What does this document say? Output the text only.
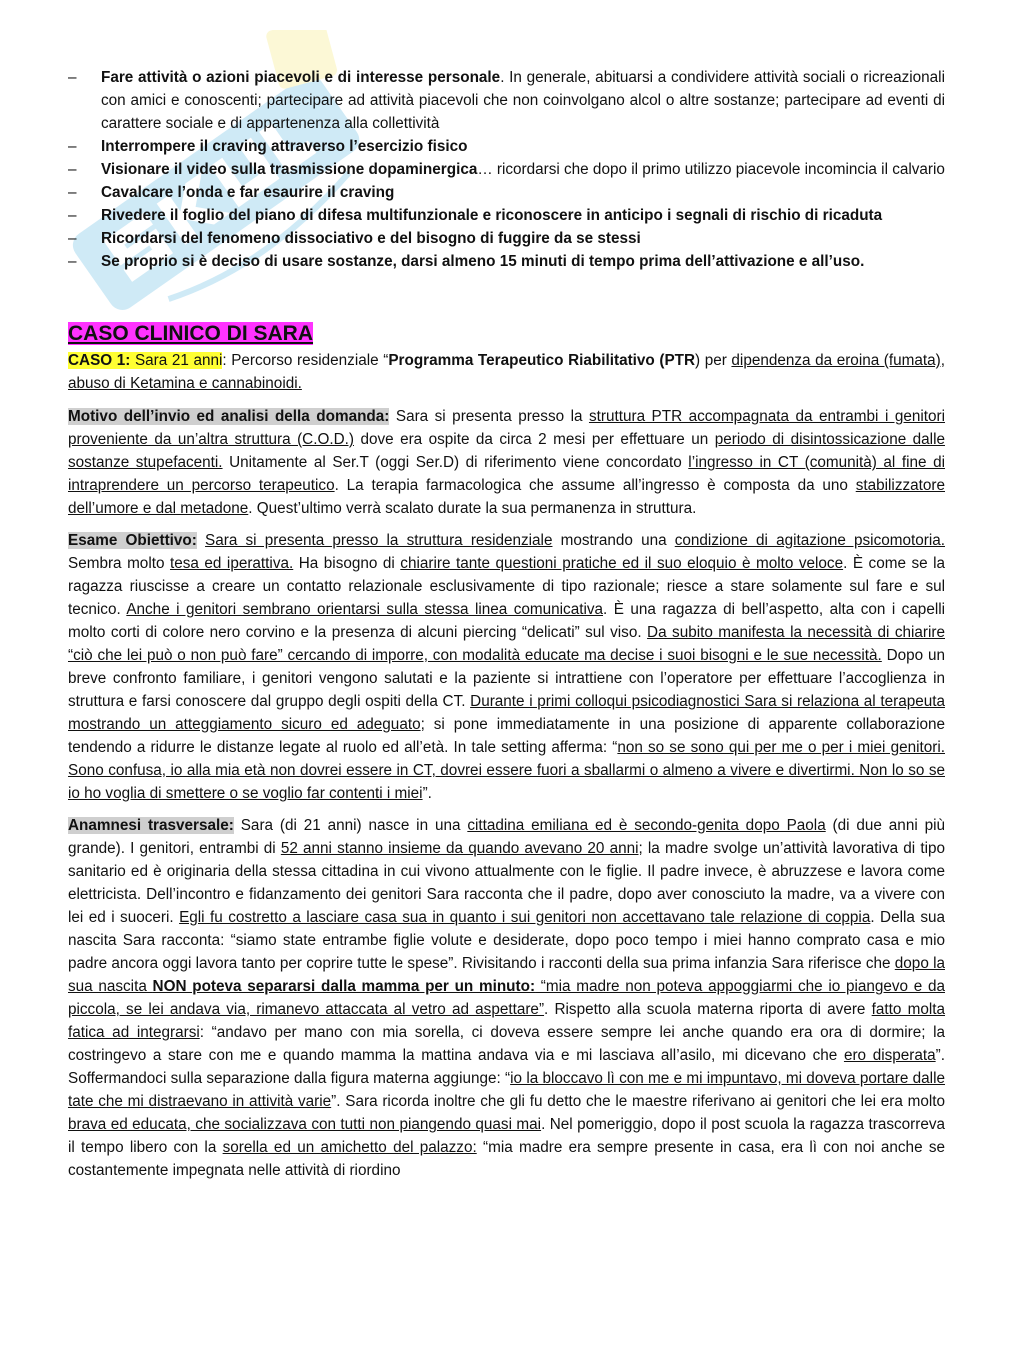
– Fare attività o azioni piacevoli e di interesse personale. In generale, abituarsi a condividere attività sociali o ricreazionali con amici e conoscenti; partecipare ad attività piacevoli che non coinvolgano alcol o altre sostanze; partecipare ad eventi di carattere sociale e di appartenenza alla collettività
– Interrompere il craving attraverso l’esercizio fisico
– Visionare il video sulla trasmissione dopaminergica… ricordarsi che dopo il primo utilizzo piacevole incomincia il calvario
– Cavalcare l’onda e far esaurire il craving
– Rivedere il foglio del piano di difesa multifunzionale e riconoscere in anticipo i segnali di rischio di ricaduta
– Ricordarsi del fenomeno dissociativo e del bisogno di fuggire da se stessi
– Se proprio si è deciso di usare sostanze, darsi almeno 15 minuti di tempo prima dell’attivazione e all’uso.
CASO CLINICO DI SARA

CASO 1: Sara 21 anni: Percorso residenziale “Programma Terapeutico Riabilitativo (PTR) per dipendenza da eroina (fumata), abuso di Ketamina e cannabinoidi.

Motivo dell’invio ed analisi della domanda: Sara si presenta presso la struttura PTR accompagnata da entrambi i genitori proveniente da un’altra struttura (C.O.D.) dove era ospite da circa 2 mesi per effettuare un periodo di disintossicazione dalle sostanze stupefacenti. Unitamente al Ser.T (oggi Ser.D) di riferimento viene concordato l’ingresso in CT (comunità) al fine di intraprendere un percorso terapeutico. La terapia farmacologica che assume all’ingresso è composta da uno stabilizzatore dell’umore e dal metadone. Quest’ultimo verrà scalato durate la sua permanenza in struttura.

Esame Obiettivo: Sara si presenta presso la struttura residenziale mostrando una condizione di agitazione psicomotoria. Sembra molto tesa ed iperattiva. Ha bisogno di chiarire tante questioni pratiche ed il suo eloquio è molto veloce. È come se la ragazza riuscisse a creare un contatto relazionale esclusivamente di tipo razionale; riesce a stare solamente sul fare e sul tecnico. Anche i genitori sembrano orientarsi sulla stessa linea comunicativa. È una ragazza di bell’aspetto, alta con i capelli molto corti di colore nero corvino e la presenza di alcuni piercing “delicati” sul viso. Da subito manifesta la necessità di chiarire “ciò che lei può o non può fare” cercando di imporre, con modalità educate ma decise i suoi bisogni e le sue necessità. Dopo un breve confronto familiare, i genitori vengono salutati e la paziente si intrattiene con l’operatore per effettuare l’accoglienza in struttura e farsi conoscere dal gruppo degli ospiti della CT. Durante i primi colloqui psicodiagnostici Sara si relaziona al terapeuta mostrando un atteggiamento sicuro ed adeguato; si pone immediatamente in una posizione di apparente collaborazione tendendo a ridurre le distanze legate al ruolo ed all’età. In tale setting afferma: “non so se sono qui per me o per i miei genitori. Sono confusa, io alla mia età non dovrei essere in CT, dovrei essere fuori a sballarmi o almeno a vivere e divertirmi. Non lo so se io ho voglia di smettere o se voglio far contenti i miei”.

Anamnesi trasversale: Sara (di 21 anni) nasce in una cittadina emiliana ed è secondo-genita dopo Paola (di due anni più grande). I genitori, entrambi di 52 anni stanno insieme da quando avevano 20 anni; la madre svolge un’attività lavorativa di tipo sanitario ed è originaria della stessa cittadina in cui vivono attualmente con le figlie. Il padre invece, è abruzzese e lavora come elettricista. Dell’incontro e fidanzamento dei genitori Sara racconta che il padre, dopo aver conosciuto la madre, va a vivere con lei ed i suoceri. Egli fu costretto a lasciare casa sua in quanto i sui genitori non accettavano tale relazione di coppia. Della sua nascita Sara racconta: “siamo state entrambe figlie volute e desiderate, dopo poco tempo i miei hanno comprato casa e mio padre ancora oggi lavora tanto per coprire tutte le spese”. Rivisitando i racconti della sua prima infanzia Sara riferisce che dopo la sua nascita NON poteva separarsi dalla mamma per un minuto: “mia madre non poteva appoggiarmi che io piangevo e da piccola, se lei andava via, rimanevo attaccata al vetro ad aspettare”. Rispetto alla scuola materna riporta di avere fatto molta fatica ad integrarsi: “andavo per mano con mia sorella, ci doveva essere sempre lei anche quando era ora di dormire; la costringevo a stare con me e quando mamma la mattina andava via e mi lasciava all’asilo, mi dicevano che ero disperata”. Soffermandoci sulla separazione dalla figura materna aggiunge: “io la bloccavo lì con me e mi impuntavo, mi doveva portare dalle tate che mi distraevano in attività varie”. Sara ricorda inoltre che gli fu detto che le maestre riferivano ai genitori che lei era molto brava ed educata, che socializzava con tutti non piangendo quasi mai. Nel pomeriggio, dopo il post scuola la ragazza trascorreva il tempo libero con la sorella ed un amichetto del palazzo: “mia madre era sempre presente in casa, era lì con noi anche se costantemente impegnata nelle attività di riordino
